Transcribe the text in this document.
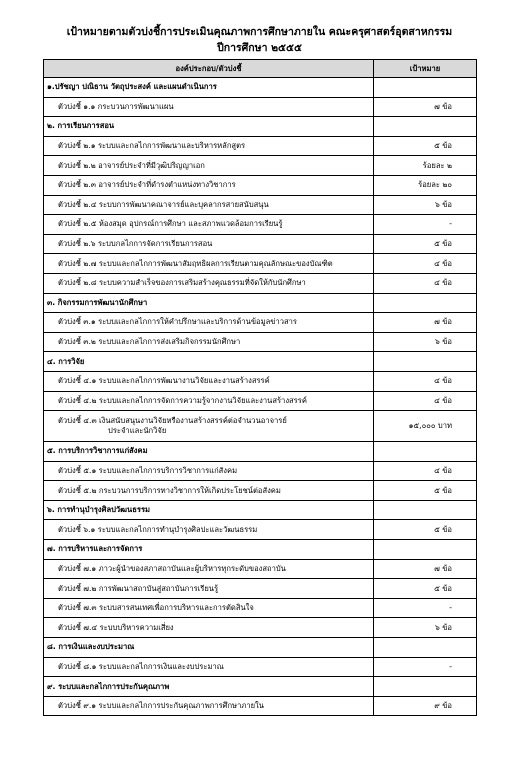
เป้าหมายตามตัวบ่งชี้การประเมินคุณภาพการศึกษาภายใน คณะครุศาสตร์อุตสาหกรรม
ปีการศึกษา ๒๕๕๕
องค์ประกอบ/ตัวบ่งชี้	เป้าหมาย
๑.ปรัชญา ปณิธาน วัตถุประสงค์ และแผนดำเนินการ	
ตัวบ่งชี้ ๑.๑ กระบวนการพัฒนาแผน	๗ ข้อ
๒. การเรียนการสอน	
ตัวบ่งชี้ ๒.๑ ระบบและกลไกการพัฒนาและบริหารหลักสูตร	๕ ข้อ
ตัวบ่งชี้ ๒.๒ อาจารย์ประจำที่มีวุฒิปริญญาเอก	ร้อยละ ๒
ตัวบ่งชี้ ๒.๓ อาจารย์ประจำที่ดำรงตำแหน่งทางวิชาการ	ร้อยละ ๒๐
ตัวบ่งชี้ ๒.๔ ระบบการพัฒนาคณาจารย์และบุคลากรสายสนับสนุน	๖ ข้อ
ตัวบ่งชี้ ๒.๕ ห้องสมุด อุปกรณ์การศึกษา และสภาพแวดล้อมการเรียนรู้	-
ตัวบ่งชี้ ๒.๖ ระบบกลไกการจัดการเรียนการสอน	๕ ข้อ
ตัวบ่งชี้ ๒.๗ ระบบและกลไกการพัฒนาสัมฤทธิผลการเรียนตามคุณลักษณะของบัณฑิต	๔ ข้อ
ตัวบ่งชี้ ๒.๘ ระบบความสำเร็จของการเสริมสร้างคุณธรรมที่จัดให้กับนักศึกษา	๔ ข้อ
๓. กิจกรรมการพัฒนานักศึกษา	
ตัวบ่งชี้ ๓.๑ ระบบและกลไกการให้คำปรึกษาและบริการด้านข้อมูลข่าวสาร	๗ ข้อ
ตัวบ่งชี้ ๓.๒ ระบบและกลไกการส่งเสริมกิจกรรมนักศึกษา	๖ ข้อ
๔. การวิจัย	
ตัวบ่งชี้ ๔.๑ ระบบและกลไกการพัฒนางานวิจัยและงานสร้างสรรค์	๔ ข้อ
ตัวบ่งชี้ ๔.๒ ระบบและกลไกการจัดการความรู้จากงานวิจัยและงานสร้างสรรค์	๔ ข้อ
ตัวบ่งชี้ ๔.๓ เงินสนับสนุนงานวิจัยหรืองานสร้างสรรค์ต่อจำนวนอาจารย์
ประจำและนักวิจัย	๑๕,๐๐๐ บาท
๕. การบริการวิชาการแก่สังคม	
ตัวบ่งชี้ ๕.๑ ระบบและกลไกการบริการวิชาการแก่สังคม	๔ ข้อ
ตัวบ่งชี้ ๕.๒ กระบวนการบริการทางวิชาการให้เกิดประโยชน์ต่อสังคม	๕ ข้อ
๖. การทำนุบำรุงศิลปวัฒนธรรม	
ตัวบ่งชี้ ๖.๑ ระบบและกลไกการทำนุบำรุงศิลปะและวัฒนธรรม	๕ ข้อ
๗. การบริหารและการจัดการ	
ตัวบ่งชี้ ๗.๑ ภาวะผู้นำของสภาสถาบันและผู้บริหารทุกระดับของสถาบัน	๗ ข้อ
ตัวบ่งชี้ ๗.๒ การพัฒนาสถาบันสู่สถาบันการเรียนรู้	๕ ข้อ
ตัวบ่งชี้ ๗.๓ ระบบสารสนเทศเพื่อการบริหารและการตัดสินใจ	-
ตัวบ่งชี้ ๗.๔ ระบบบริหารความเสี่ยง	๖ ข้อ
๘. การเงินและงบประมาณ	
ตัวบ่งชี้ ๘.๑ ระบบและกลไกการเงินและงบประมาณ	-
๙. ระบบและกลไกการประกันคุณภาพ	
ตัวบ่งชี้ ๙.๑ ระบบและกลไกการประกันคุณภาพการศึกษาภายใน	๙ ข้อ
